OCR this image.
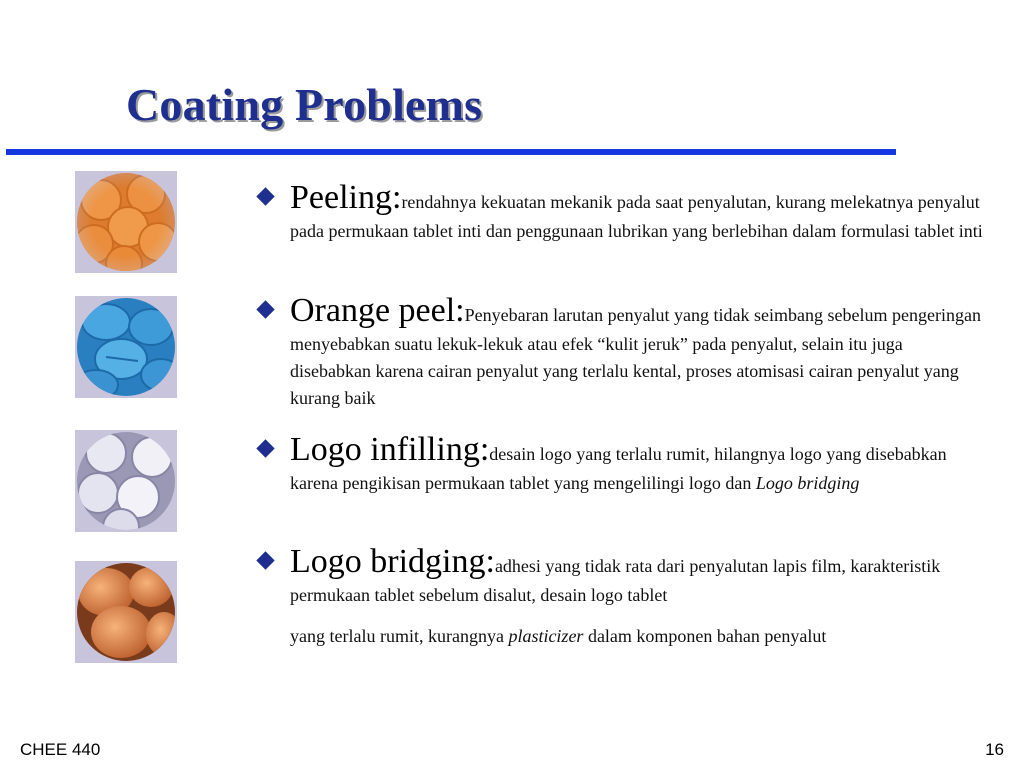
Coating Problems
Peeling:rendahnya kekuatan mekanik pada saat penyalutan, kurang melekatnya penyalut pada permukaan tablet inti dan penggunaan lubrikan yang berlebihan dalam formulasi tablet inti
Orange peel:Penyebaran larutan penyalut yang tidak seimbang sebelum pengeringan menyebabkan suatu lekuk-lekuk atau efek “kulit jeruk” pada penyalut, selain itu juga disebabkan karena cairan penyalut yang terlalu kental, proses atomisasi cairan penyalut yang kurang baik
Logo infilling:desain logo yang terlalu rumit, hilangnya logo yang disebabkan karena pengikisan permukaan tablet yang mengelilingi logo dan Logo bridging
Logo bridging:adhesi yang tidak rata dari penyalutan lapis film, karakteristik permukaan tablet sebelum disalut, desain logo tablet
yang terlalu rumit, kurangnya plasticizer dalam komponen bahan penyalut
CHEE 440	16
